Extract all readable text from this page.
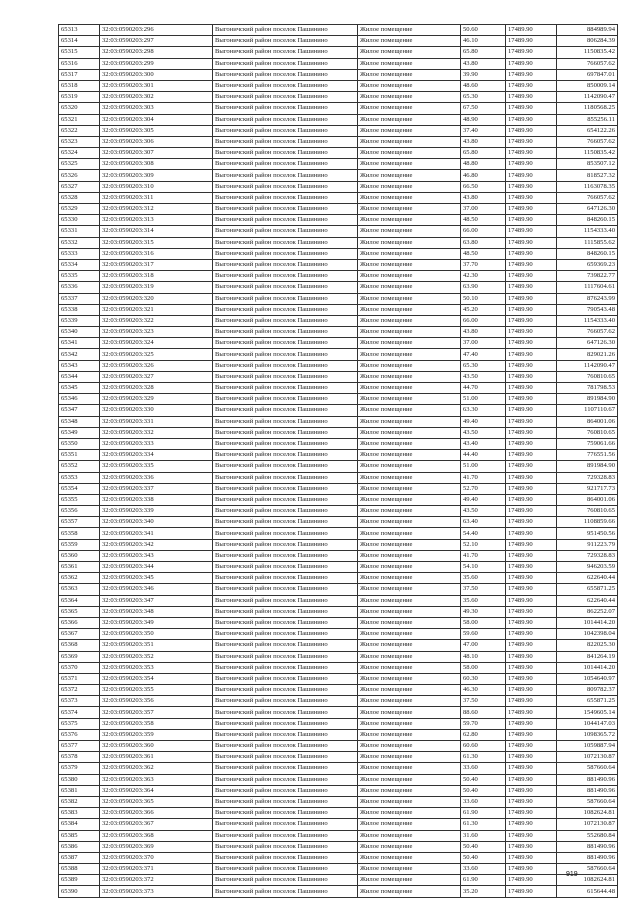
65313	32:03:0590203:296	Выгоничский район поселок Пашинино	Жилое помещение	50.60	17489.90	884989.94
65314	32:03:0590203:297	Выгоничский район поселок Пашинино	Жилое помещение	46.10	17489.90	806284.39
65315	32:03:0590203:298	Выгоничский район поселок Пашинино	Жилое помещение	65.80	17489.90	1150835.42
65316	32:03:0590203:299	Выгоничский район поселок Пашинино	Жилое помещение	43.80	17489.90	766057.62
65317	32:03:0590203:300	Выгоничский район поселок Пашинино	Жилое помещение	39.90	17489.90	697847.01
65318	32:03:0590203:301	Выгоничский район поселок Пашинино	Жилое помещение	48.60	17489.90	850009.14
65319	32:03:0590203:302	Выгоничский район поселок Пашинино	Жилое помещение	65.30	17489.90	1142090.47
65320	32:03:0590203:303	Выгоничский район поселок Пашинино	Жилое помещение	67.50	17489.90	1180568.25
65321	32:03:0590203:304	Выгоничский район поселок Пашинино	Жилое помещение	48.90	17489.90	855256.11
65322	32:03:0590203:305	Выгоничский район поселок Пашинино	Жилое помещение	37.40	17489.90	654122.26
65323	32:03:0590203:306	Выгоничский район поселок Пашинино	Жилое помещение	43.80	17489.90	766057.62
65324	32:03:0590203:307	Выгоничский район поселок Пашинино	Жилое помещение	65.80	17489.90	1150835.42
65325	32:03:0590203:308	Выгоничский район поселок Пашинино	Жилое помещение	48.80	17489.90	853507.12
65326	32:03:0590203:309	Выгоничский район поселок Пашинино	Жилое помещение	46.80	17489.90	818527.32
65327	32:03:0590203:310	Выгоничский район поселок Пашинино	Жилое помещение	66.50	17489.90	1163078.35
65328	32:03:0590203:311	Выгоничский район поселок Пашинино	Жилое помещение	43.80	17489.90	766057.62
65329	32:03:0590203:312	Выгоничский район поселок Пашинино	Жилое помещение	37.00	17489.90	647126.30
65330	32:03:0590203:313	Выгоничский район поселок Пашинино	Жилое помещение	48.50	17489.90	848260.15
65331	32:03:0590203:314	Выгоничский район поселок Пашинино	Жилое помещение	66.00	17489.90	1154333.40
65332	32:03:0590203:315	Выгоничский район поселок Пашинино	Жилое помещение	63.80	17489.90	1115855.62
65333	32:03:0590203:316	Выгоничский район поселок Пашинино	Жилое помещение	48.50	17489.90	848260.15
65334	32:03:0590203:317	Выгоничский район поселок Пашинино	Жилое помещение	37.70	17489.90	659369.23
65335	32:03:0590203:318	Выгоничский район поселок Пашинино	Жилое помещение	42.30	17489.90	739822.77
65336	32:03:0590203:319	Выгоничский район поселок Пашинино	Жилое помещение	63.90	17489.90	1117604.61
65337	32:03:0590203:320	Выгоничский район поселок Пашинино	Жилое помещение	50.10	17489.90	876243.99
65338	32:03:0590203:321	Выгоничский район поселок Пашинино	Жилое помещение	45.20	17489.90	790543.48
65339	32:03:0590203:322	Выгоничский район поселок Пашинино	Жилое помещение	66.00	17489.90	1154333.40
65340	32:03:0590203:323	Выгоничский район поселок Пашинино	Жилое помещение	43.80	17489.90	766057.62
65341	32:03:0590203:324	Выгоничский район поселок Пашинино	Жилое помещение	37.00	17489.90	647126.30
65342	32:03:0590203:325	Выгоничский район поселок Пашинино	Жилое помещение	47.40	17489.90	829021.26
65343	32:03:0590203:326	Выгоничский район поселок Пашинино	Жилое помещение	65.30	17489.90	1142090.47
65344	32:03:0590203:327	Выгоничский район поселок Пашинино	Жилое помещение	43.50	17489.90	760810.65
65345	32:03:0590203:328	Выгоничский район поселок Пашинино	Жилое помещение	44.70	17489.90	781798.53
65346	32:03:0590203:329	Выгоничский район поселок Пашинино	Жилое помещение	51.00	17489.90	891984.90
65347	32:03:0590203:330	Выгоничский район поселок Пашинино	Жилое помещение	63.30	17489.90	1107110.67
65348	32:03:0590203:331	Выгоничский район поселок Пашинино	Жилое помещение	49.40	17489.90	864001.06
65349	32:03:0590203:332	Выгоничский район поселок Пашинино	Жилое помещение	43.50	17489.90	760810.65
65350	32:03:0590203:333	Выгоничский район поселок Пашинино	Жилое помещение	43.40	17489.90	759061.66
65351	32:03:0590203:334	Выгоничский район поселок Пашинино	Жилое помещение	44.40	17489.90	776551.56
65352	32:03:0590203:335	Выгоничский район поселок Пашинино	Жилое помещение	51.00	17489.90	891984.90
65353	32:03:0590203:336	Выгоничский район поселок Пашинино	Жилое помещение	41.70	17489.90	729328.83
65354	32:03:0590203:337	Выгоничский район поселок Пашинино	Жилое помещение	52.70	17489.90	921717.73
65355	32:03:0590203:338	Выгоничский район поселок Пашинино	Жилое помещение	49.40	17489.90	864001.06
65356	32:03:0590203:339	Выгоничский район поселок Пашинино	Жилое помещение	43.50	17489.90	760810.65
65357	32:03:0590203:340	Выгоничский район поселок Пашинино	Жилое помещение	63.40	17489.90	1108859.66
65358	32:03:0590203:341	Выгоничский район поселок Пашинино	Жилое помещение	54.40	17489.90	951450.56
65359	32:03:0590203:342	Выгоничский район поселок Пашинино	Жилое помещение	52.10	17489.90	911223.79
65360	32:03:0590203:343	Выгоничский район поселок Пашинино	Жилое помещение	41.70	17489.90	729328.83
65361	32:03:0590203:344	Выгоничский район поселок Пашинино	Жилое помещение	54.10	17489.90	946203.59
65362	32:03:0590203:345	Выгоничский район поселок Пашинино	Жилое помещение	35.60	17489.90	622640.44
65363	32:03:0590203:346	Выгоничский район поселок Пашинино	Жилое помещение	37.50	17489.90	655871.25
65364	32:03:0590203:347	Выгоничский район поселок Пашинино	Жилое помещение	35.60	17489.90	622640.44
65365	32:03:0590203:348	Выгоничский район поселок Пашинино	Жилое помещение	49.30	17489.90	862252.07
65366	32:03:0590203:349	Выгоничский район поселок Пашинино	Жилое помещение	58.00	17489.90	1014414.20
65367	32:03:0590203:350	Выгоничский район поселок Пашинино	Жилое помещение	59.60	17489.90	1042398.04
65368	32:03:0590203:351	Выгоничский район поселок Пашинино	Жилое помещение	47.00	17489.90	822025.30
65369	32:03:0590203:352	Выгоничский район поселок Пашинино	Жилое помещение	48.10	17489.90	841264.19
65370	32:03:0590203:353	Выгоничский район поселок Пашинино	Жилое помещение	58.00	17489.90	1014414.20
65371	32:03:0590203:354	Выгоничский район поселок Пашинино	Жилое помещение	60.30	17489.90	1054640.97
65372	32:03:0590203:355	Выгоничский район поселок Пашинино	Жилое помещение	46.30	17489.90	809782.37
65373	32:03:0590203:356	Выгоничский район поселок Пашинино	Жилое помещение	37.50	17489.90	655871.25
65374	32:03:0590203:357	Выгоничский район поселок Пашинино	Жилое помещение	88.60	17489.90	1549605.14
65375	32:03:0590203:358	Выгоничский район поселок Пашинино	Жилое помещение	59.70	17489.90	1044147.03
65376	32:03:0590203:359	Выгоничский район поселок Пашинино	Жилое помещение	62.80	17489.90	1098365.72
65377	32:03:0590203:360	Выгоничский район поселок Пашинино	Жилое помещение	60.60	17489.90	1059887.94
65378	32:03:0590203:361	Выгоничский район поселок Пашинино	Жилое помещение	61.30	17489.90	1072130.87
65379	32:03:0590203:362	Выгоничский район поселок Пашинино	Жилое помещение	33.60	17489.90	587660.64
65380	32:03:0590203:363	Выгоничский район поселок Пашинино	Жилое помещение	50.40	17489.90	881490.96
65381	32:03:0590203:364	Выгоничский район поселок Пашинино	Жилое помещение	50.40	17489.90	881490.96
65382	32:03:0590203:365	Выгоничский район поселок Пашинино	Жилое помещение	33.60	17489.90	587660.64
65383	32:03:0590203:366	Выгоничский район поселок Пашинино	Жилое помещение	61.90	17489.90	1082624.81
65384	32:03:0590203:367	Выгоничский район поселок Пашинино	Жилое помещение	61.30	17489.90	1072130.87
65385	32:03:0590203:368	Выгоничский район поселок Пашинино	Жилое помещение	31.60	17489.90	552680.84
65386	32:03:0590203:369	Выгоничский район поселок Пашинино	Жилое помещение	50.40	17489.90	881490.96
65387	32:03:0590203:370	Выгоничский район поселок Пашинино	Жилое помещение	50.40	17489.90	881490.96
65388	32:03:0590203:371	Выгоничский район поселок Пашинино	Жилое помещение	33.60	17489.90	587660.64
65389	32:03:0590203:372	Выгоничский район поселок Пашинино	Жилое помещение	61.90	17489.90	1082624.81
65390	32:03:0590203:373	Выгоничский район поселок Пашинино	Жилое помещение	35.20	17489.90	615644.48
919
